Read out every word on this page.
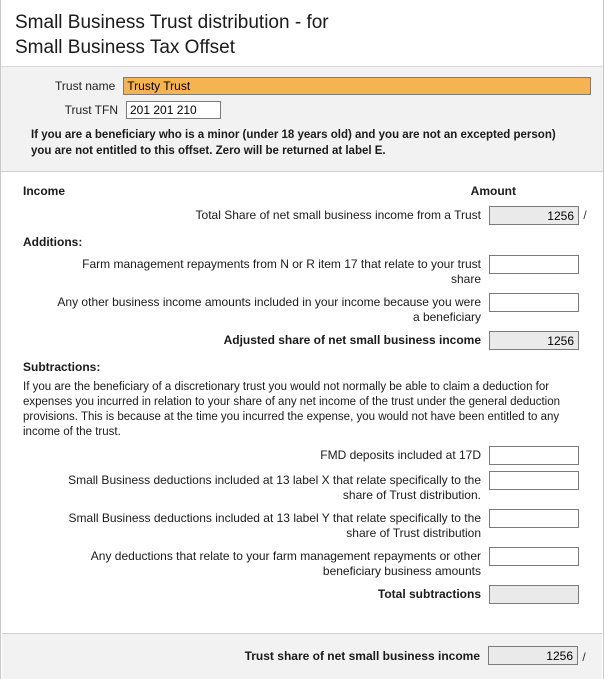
Small Business Trust distribution - for
Small Business Tax Offset
Trust name
Trusty Trust
Trust TFN
201 201 210
If you are a beneficiary who is a minor (under 18 years old) and you are not an excepted person)
you are not entitled to this offset. Zero will be returned at label E.
Income	Amount
Total Share of net small business income from a Trust	1256 /
Additions:
Farm management repayments from N or R item 17 that relate to your trust share
Any other business income amounts included in your income because you were a beneficiary
Adjusted share of net small business income	1256
Subtractions:
If you are the beneficiary of a discretionary trust you would not normally be able to claim a deduction for expenses you incurred in relation to your share of any net income of the trust under the general deduction provisions. This is because at the time you incurred the expense, you would not have been entitled to any income of the trust.
FMD deposits included at 17D
Small Business deductions included at 13 label X that relate specifically to the share of Trust distribution.
Small Business deductions included at 13 label Y that relate specifically to the share of Trust distribution
Any deductions that relate to your farm management repayments or other beneficiary business amounts
Total subtractions
Trust share of net small business income	1256 /
